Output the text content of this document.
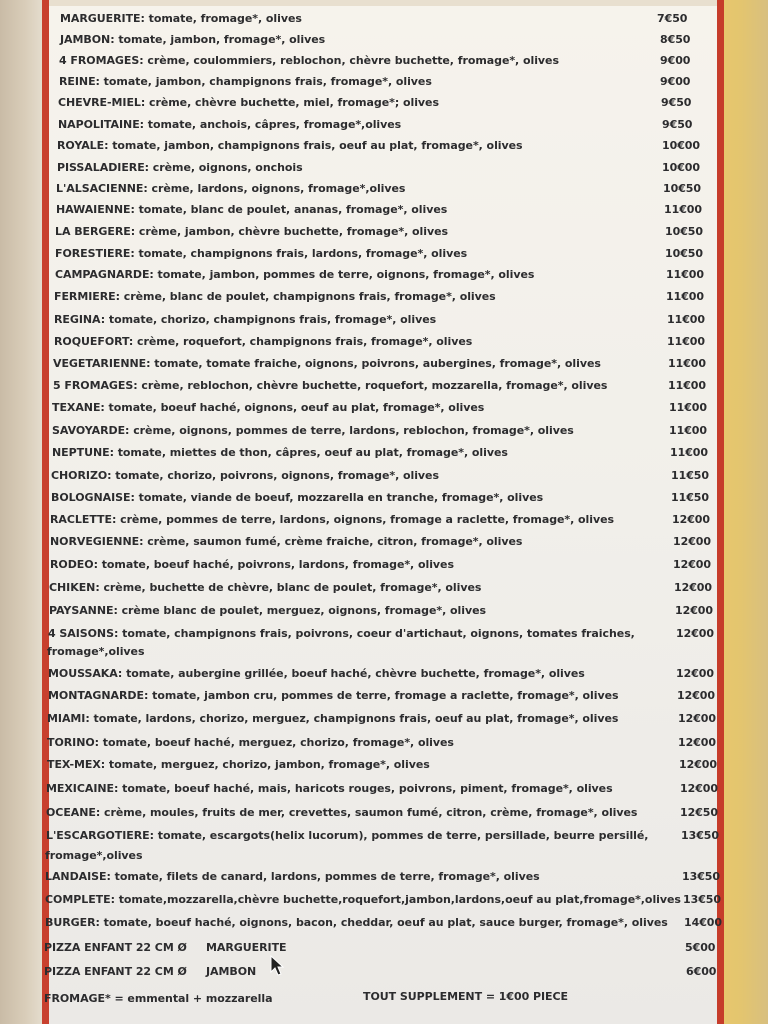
MARGUERITE: tomate, fromage*, olives	7€50
JAMBON: tomate, jambon, fromage*, olives	8€50
4 FROMAGES: crème, coulommiers, reblochon, chèvre buchette, fromage*, olives	9€00
REINE: tomate, jambon, champignons frais, fromage*, olives	9€00
CHEVRE-MIEL: crème, chèvre buchette, miel, fromage*; olives	9€50
NAPOLITAINE: tomate, anchois, câpres, fromage*,olives	9€50
ROYALE: tomate, jambon, champignons frais, oeuf au plat, fromage*, olives	10€00
PISSALADIERE: crème, oignons, onchois	10€00
L'ALSACIENNE: crème, lardons, oignons, fromage*,olives	10€50
HAWAIENNE: tomate, blanc de poulet, ananas, fromage*, olives	11€00
LA BERGERE: crème, jambon, chèvre buchette, fromage*, olives	10€50
FORESTIERE: tomate, champignons frais, lardons, fromage*, olives	10€50
CAMPAGNARDE: tomate, jambon, pommes de terre, oignons, fromage*, olives	11€00
FERMIERE: crème, blanc de poulet, champignons frais, fromage*, olives	11€00
REGINA: tomate, chorizo, champignons frais, fromage*, olives	11€00
ROQUEFORT: crème, roquefort, champignons frais, fromage*, olives	11€00
VEGETARIENNE: tomate, tomate fraiche, oignons, poivrons, aubergines, fromage*, olives	11€00
5 FROMAGES: crème, reblochon, chèvre buchette, roquefort, mozzarella, fromage*, olives	11€00
TEXANE: tomate, boeuf haché, oignons, oeuf au plat, fromage*, olives	11€00
SAVOYARDE: crème, oignons, pommes de terre, lardons, reblochon, fromage*, olives	11€00
NEPTUNE: tomate, miettes de thon, câpres, oeuf au plat, fromage*, olives	11€00
CHORIZO: tomate, chorizo, poivrons, oignons, fromage*, olives	11€50
BOLOGNAISE: tomate, viande de boeuf, mozzarella en tranche, fromage*, olives	11€50
RACLETTE: crème, pommes de terre, lardons, oignons, fromage a raclette, fromage*, olives	12€00
NORVEGIENNE: crème, saumon fumé, crème fraiche, citron, fromage*, olives	12€00
RODEO: tomate, boeuf haché, poivrons, lardons, fromage*, olives	12€00
CHIKEN: crème, buchette de chèvre, blanc de poulet, fromage*, olives	12€00
PAYSANNE: crème blanc de poulet, merguez, oignons, fromage*, olives	12€00
4 SAISONS: tomate, champignons frais, poivrons, coeur d'artichaut, oignons, tomates fraiches,	12€00
fromage*,olives
MOUSSAKA: tomate, aubergine grillée, boeuf haché, chèvre buchette, fromage*, olives	12€00
MONTAGNARDE: tomate, jambon cru, pommes de terre, fromage a raclette, fromage*, olives	12€00
MIAMI: tomate, lardons, chorizo, merguez, champignons frais, oeuf au plat, fromage*, olives	12€00
TORINO: tomate, boeuf haché, merguez, chorizo, fromage*, olives	12€00
TEX-MEX: tomate, merguez, chorizo, jambon, fromage*, olives	12€00
MEXICAINE: tomate, boeuf haché, mais, haricots rouges, poivrons, piment, fromage*, olives	12€00
OCEANE: crème, moules, fruits de mer, crevettes, saumon fumé, citron, crème, fromage*, olives	12€50
L'ESCARGOTIERE: tomate, escargots(helix lucorum), pommes de terre, persillade, beurre persillé,	13€50
fromage*,olives
LANDAISE: tomate, filets de canard, lardons, pommes de terre, fromage*, olives	13€50
COMPLETE: tomate,mozzarella,chèvre buchette,roquefort,jambon,lardons,oeuf au plat,fromage*,olives 13€50
BURGER: tomate, boeuf haché, oignons, bacon, cheddar, oeuf au plat, sauce burger, fromage*, olives 14€00
PIZZA ENFANT 22 CM Ø MARGUERITE	5€00
PIZZA ENFANT 22 CM Ø JAMBON	6€00
FROMAGE* = emmental + mozzarella	TOUT SUPPLEMENT = 1€00 PIECE
